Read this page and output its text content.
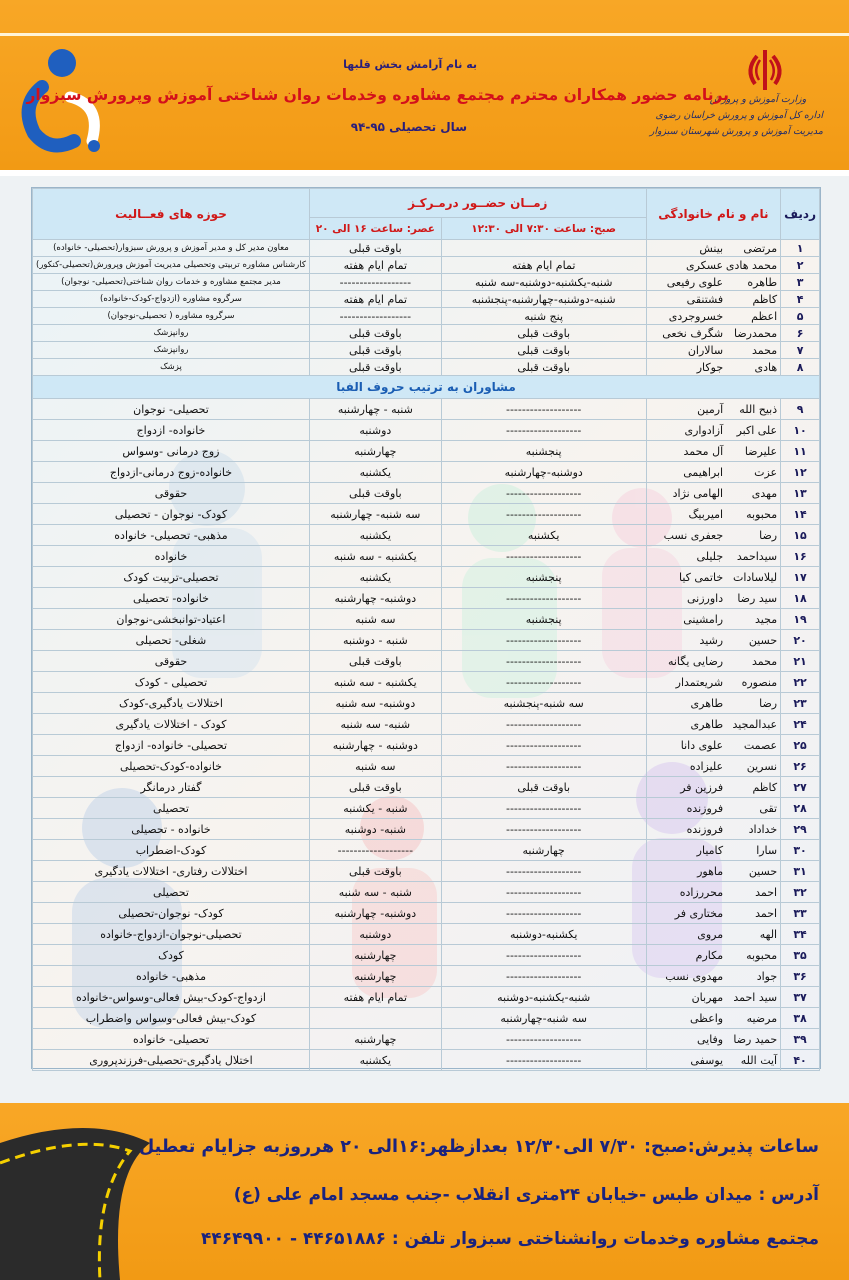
وزارت آموزش و پرورش
اداره کل آموزش و پرورش خراسان رضوی
مدیریت آموزش و پرورش شهرستان سبزوار
به نام آرامش بخش قلبها
برنامه حضور همکاران محترم مجتمع مشاوره وخدمات روان شناختی آموزش وپرورش سبزوار
سال تحصیلی ۹۵-۹۴
ردیف	نام و نام خانوادگی	زمــان حضــور درمـركـز		حوزه های فعــالیت
		صبح: ساعت ۷:۳۰ الی ۱۲:۳۰	عصر: ساعت ۱۶ الی ۲۰	
۱	مرتضیبینش		باوقت قبلی	معاون مدیر کل و مدیر آموزش و پرورش سبزوار(تحصیلی- خانواده)
۲	محمد هادیعسکری	تمام ایام هفته	تمام ایام هفته	کارشناس مشاوره تربیتی وتحصیلی مدیریت آموزش وپرورش(تحصیلی-کنکور)
۳	طاهرهعلوی رفیعی	شنبه-یکشنبه-دوشنبه-سه شنبه	------------------	مدیر مجتمع مشاوره و خدمات روان شناختی(تحصیلی- نوجوان)
۴	کاظمفشتنقی	شنبه-دوشنبه-چهارشنبه-پنجشنبه	تمام ایام هفته	سرگروه مشاوره (ازدواج-کودک-خانواده)
۵	اعظمخسروجردی	پنج شنبه	------------------	سرگروه مشاوره ( تحصیلی-نوجوان)
۶	محمدرضاشگرف نخعی	باوقت قبلی	باوقت قبلی	روانپزشک
۷	محمدسالاران	باوقت قبلی	باوقت قبلی	روانپزشک
۸	هادیجوکار	باوقت قبلی	باوقت قبلی	پزشک
مشاوران به ترتیب حروف الفبا				
۹	ذبیح اللهآرمین	-------------------	شنبه - چهارشنبه	تحصیلی- نوجوان
۱۰	علی اکبرآزادواری	-------------------	دوشنبه	خانواده- ازدواج
۱۱	علیرضاآل محمد	پنجشنبه	چهارشنبه	زوج درمانی -وسواس
۱۲	عزتابراهیمی	دوشنبه-چهارشنبه	یکشنبه	خانواده-زوج درمانی-ازدواج
۱۳	مهدیالهامی نژاد	-------------------	باوقت قبلی	حقوقی
۱۴	محبوبهامیربیگ	-------------------	سه شنبه- چهارشنبه	کودک- نوجوان - تحصیلی
۱۵	رضاجعفری نسب	یکشنبه	یکشنبه	مذهبی- تحصیلی- خانواده
۱۶	سیداحمدجلیلی	-------------------	یکشنبه - سه شنبه	خانواده
۱۷	لیلاساداتخاتمی کیا	پنجشنبه	یکشنبه	تحصیلی-تربیت کودک
۱۸	سید رضاداورزنی	-------------------	دوشنبه- چهارشنبه	خانواده- تحصیلی
۱۹	مجیدرامشینی	پنجشنبه	سه شنبه	اعتیاد-توانبخشی-نوجوان
۲۰	حسینرشید	-------------------	شنبه - دوشنبه	شغلی- تحصیلی
۲۱	محمدرضایی یگانه	-------------------	باوقت قبلی	حقوقی
۲۲	منصورهشریعتمدار	-------------------	یکشنبه - سه شنبه	تحصیلی - کودک
۲۳	رضاطاهری	سه شنبه-پنجشنبه	دوشنبه- سه شنبه	اختلالات یادگیری-کودک
۲۴	عبدالمجیدطاهری	-------------------	شنبه- سه شنبه	کودک - اختلالات یادگیری
۲۵	عصمتعلوی دانا	-------------------	دوشنبه - چهارشنبه	تحصیلی- خانواده- ازدواج
۲۶	نسرینعلیزاده	-------------------	سه شنبه	خانواده-کودک-تحصیلی
۲۷	کاظمفرزین فر	باوقت قبلی	باوقت قبلی	گفتار درمانگر
۲۸	تقیفروزنده	-------------------	شنبه - یکشنبه	تحصیلی
۲۹	خدادادفروزنده	-------------------	شنبه- دوشنبه	خانواده - تحصیلی
۳۰	ساراکامیار	چهارشنبه	-------------------	کودک-اضطراب
۳۱	حسینماهور	-------------------	باوقت قبلی	اختلالات رفتاری- اختلالات یادگیری
۳۲	احمدمحررزاده	-------------------	شنبه - سه شنبه	تحصیلی
۳۳	احمدمختاری فر	-------------------	دوشنبه- چهارشنبه	کودک- نوجوان-تحصیلی
۳۴	الههمروی	یکشنبه-دوشنبه	دوشنبه	تحصیلی-نوجوان-ازدواج-خانواده
۳۵	محبوبهمکارم	-------------------	چهارشنبه	کودک
۳۶	جوادمهدوی نسب	-------------------	چهارشنبه	مذهبی- خانواده
۳۷	سید احمدمهربان	شنبه-یکشنبه-دوشنبه	تمام ایام هفته	ازدواج-کودک-بیش فعالی-وسواس-خانواده
۳۸	مرضیهواعظی	سه شنبه-چهارشنبه		کودک-بیش فعالی-وسواس واضطراب
۳۹	حمید رضاوفایی	-------------------	چهارشنبه	تحصیلی- خانواده
۴۰	آیت اللهیوسفی	-------------------	یکشنبه	اختلال یادگیری-تحصیلی-فرزندپروری
ساعات پذیرش:صبح: ۷/۳۰ الی۱۲/۳۰ بعدازظهر:۱۶الی ۲۰ هرروزبه جزایام تعطیل
آدرس : میدان طبس -خیابان ۲۴متری انقلاب -جنب مسجد امام علی (ع)
مجتمع مشاوره وخدمات روانشناختی سبزوار تلفن : ۴۴۶۵۱۸۸۶ - ۴۴۶۴۹۹۰۰
